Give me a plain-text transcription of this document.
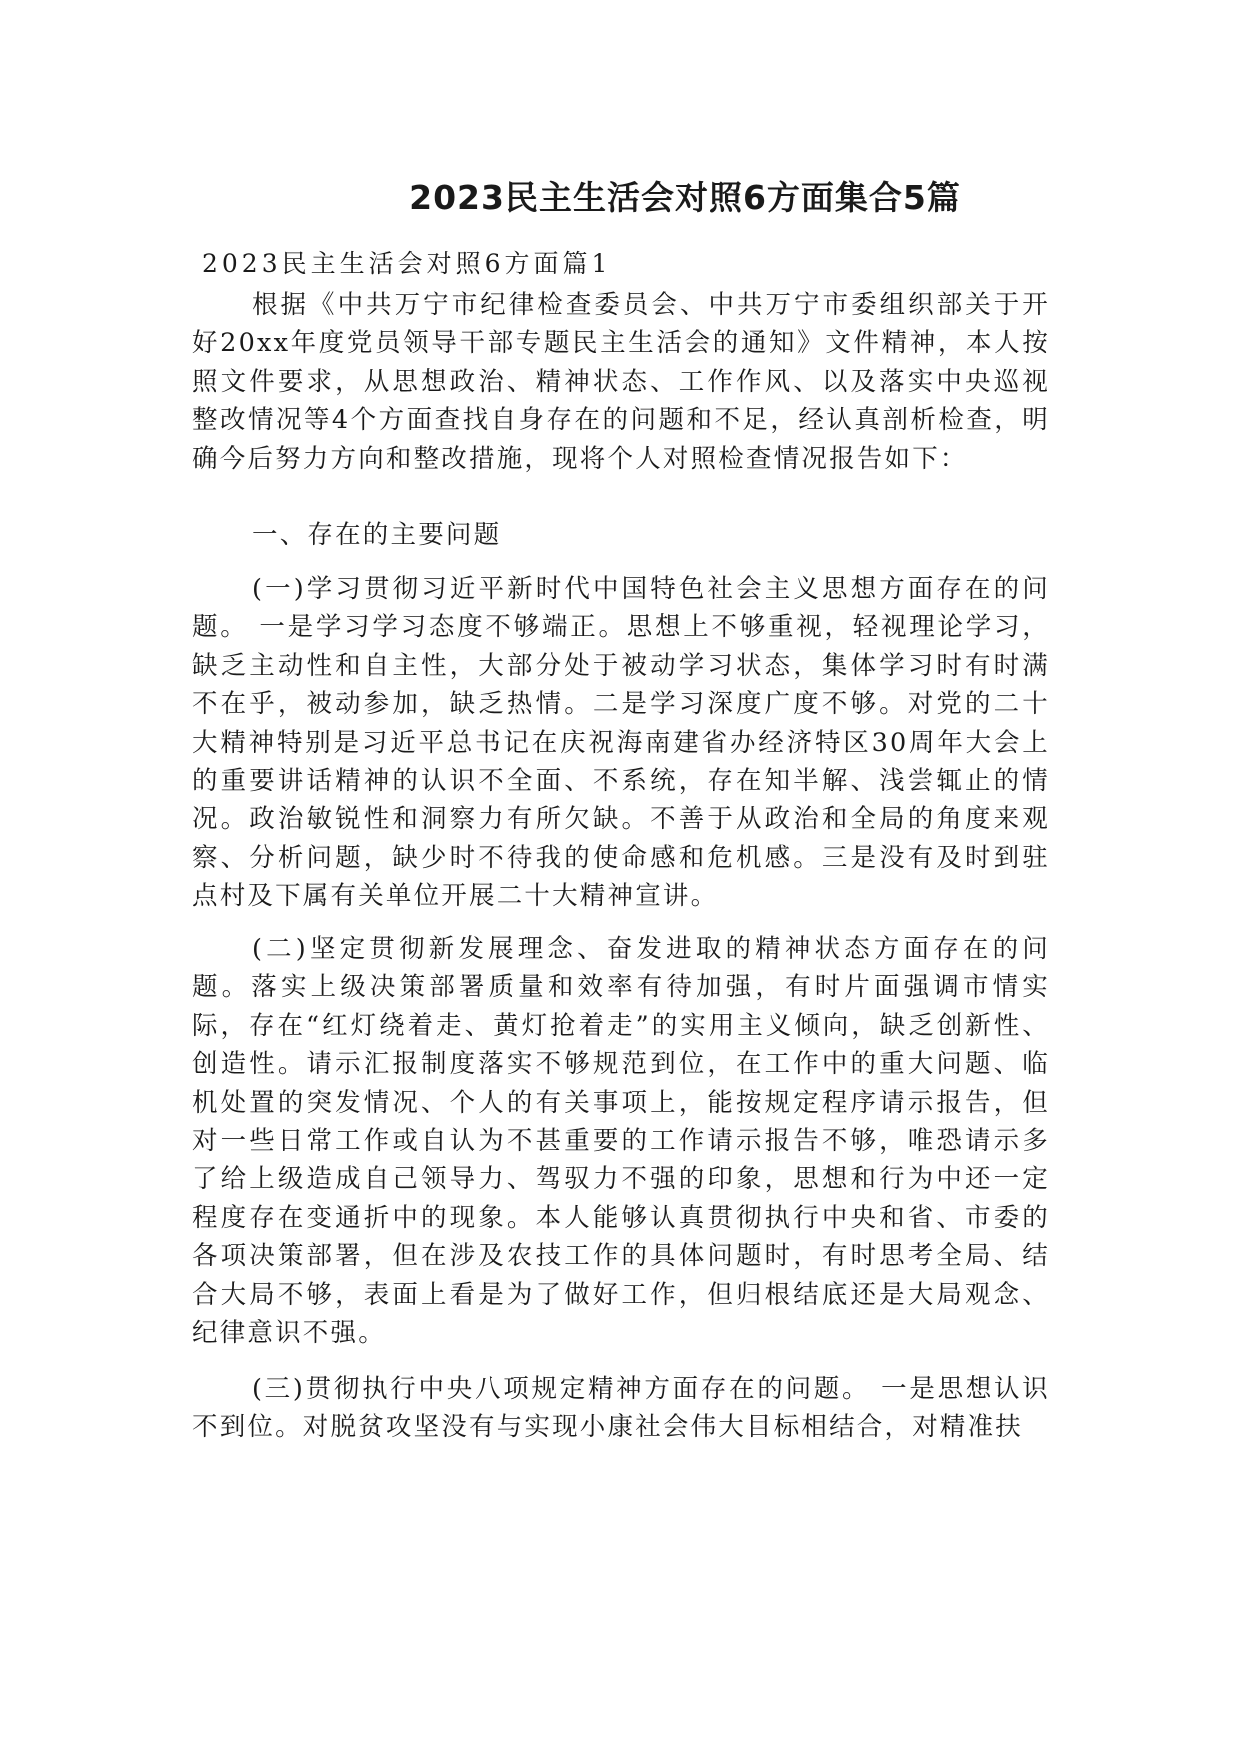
2023民主生活会对照6方面集合5篇
2023民主生活会对照6方面篇1

根据《中共万宁市纪律检查委员会、中共万宁市委组织部关于开好20xx年度党员领导干部专题民主生活会的通知》文件精神，本人按照文件要求，从思想政治、精神状态、工作作风、以及落实中央巡视整改情况等4个方面查找自身存在的问题和不足，经认真剖析检查，明确今后努力方向和整改措施，现将个人对照检查情况报告如下：

一、存在的主要问题

(一)学习贯彻习近平新时代中国特色社会主义思想方面存在的问题。 一是学习学习态度不够端正。思想上不够重视，轻视理论学习，缺乏主动性和自主性，大部分处于被动学习状态，集体学习时有时满不在乎，被动参加，缺乏热情。二是学习深度广度不够。对党的二十大精神特别是习近平总书记在庆祝海南建省办经济特区30周年大会上的重要讲话精神的认识不全面、不系统，存在知半解、浅尝辄止的情况。政治敏锐性和洞察力有所欠缺。不善于从政治和全局的角度来观察、分析问题，缺少时不待我的使命感和危机感。三是没有及时到驻点村及下属有关单位开展二十大精神宣讲。

(二)坚定贯彻新发展理念、奋发进取的精神状态方面存在的问题。落实上级决策部署质量和效率有待加强，有时片面强调市情实际，存在“红灯绕着走、黄灯抢着走”的实用主义倾向，缺乏创新性、创造性。请示汇报制度落实不够规范到位，在工作中的重大问题、临机处置的突发情况、个人的有关事项上，能按规定程序请示报告，但对一些日常工作或自认为不甚重要的工作请示报告不够，唯恐请示多了给上级造成自己领导力、驾驭力不强的印象，思想和行为中还一定程度存在变通折中的现象。本人能够认真贯彻执行中央和省、市委的各项决策部署，但在涉及农技工作的具体问题时，有时思考全局、结合大局不够，表面上看是为了做好工作，但归根结底还是大局观念、纪律意识不强。

(三)贯彻执行中央八项规定精神方面存在的问题。 一是思想认识不到位。对脱贫攻坚没有与实现小康社会伟大目标相结合，对精准扶
